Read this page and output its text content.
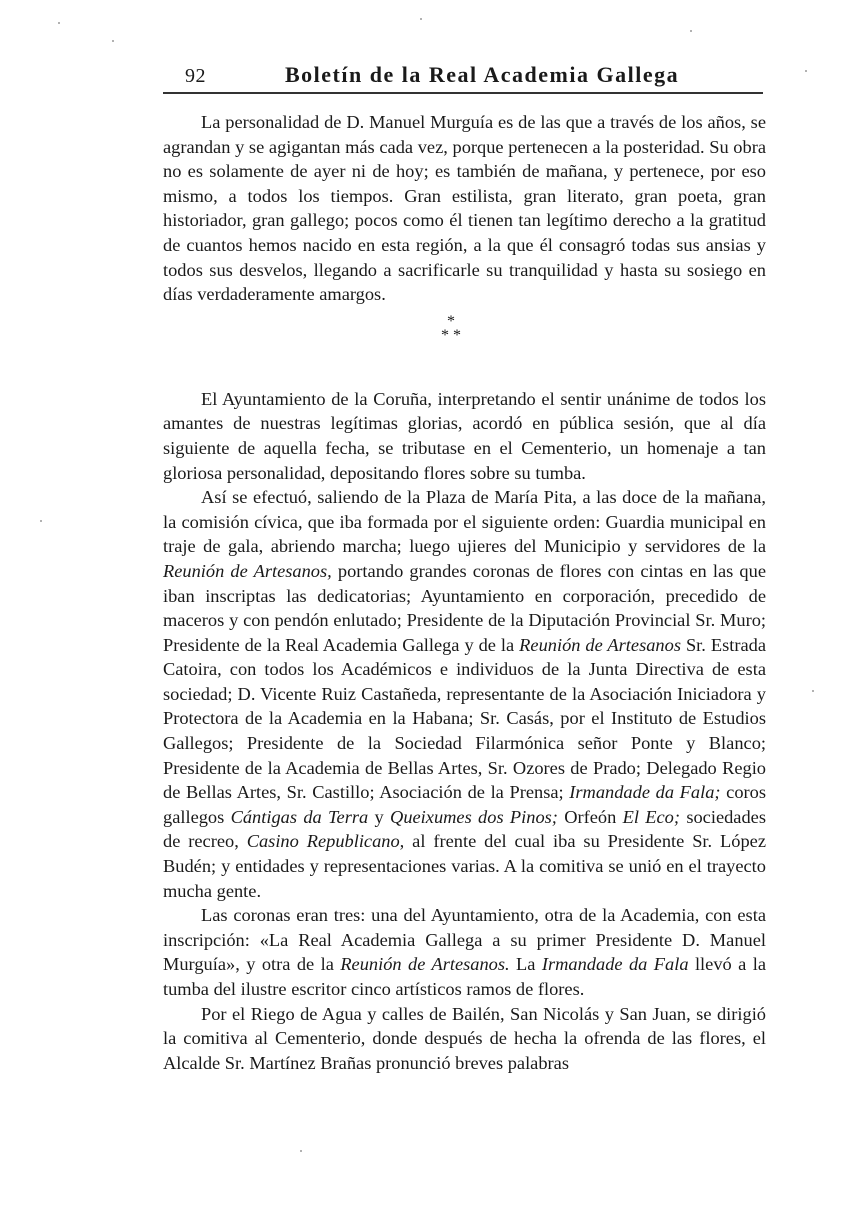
92	Boletín de la Real Academia Gallega

La personalidad de D. Manuel Murguía es de las que a través de los años, se agrandan y se agigantan más cada vez, porque pertenecen a la posteridad. Su obra no es solamente de ayer ni de hoy; es también de mañana, y pertenece, por eso mismo, a todos los tiempos. Gran estilista, gran literato, gran poeta, gran historiador, gran gallego; pocos como él tienen tan legítimo derecho a la gratitud de cuantos hemos nacido en esta región, a la que él consagró todas sus ansias y todos sus desvelos, llegando a sacrificarle su tranquilidad y hasta su sosiego en días verdaderamente amargos.

*
* *

El Ayuntamiento de la Coruña, interpretando el sentir unánime de todos los amantes de nuestras legítimas glorias, acordó en pública sesión, que al día siguiente de aquella fecha, se tributase en el Cementerio, un homenaje a tan gloriosa personalidad, depositando flores sobre su tumba.

Así se efectuó, saliendo de la Plaza de María Pita, a las doce de la mañana, la comisión cívica, que iba formada por el siguiente orden: Guardia municipal en traje de gala, abriendo marcha; luego ujieres del Municipio y servidores de la Reunión de Artesanos, portando grandes coronas de flores con cintas en las que iban inscriptas las dedicatorias; Ayuntamiento en corporación, precedido de maceros y con pendón enlutado; Presidente de la Diputación Provincial Sr. Muro; Presidente de la Real Academia Gallega y de la Reunión de Artesanos Sr. Estrada Catoira, con todos los Académicos e individuos de la Junta Directiva de esta sociedad; D. Vicente Ruiz Castañeda, representante de la Asociación Iniciadora y Protectora de la Academia en la Habana; Sr. Casás, por el Instituto de Estudios Gallegos; Presidente de la Sociedad Filarmónica señor Ponte y Blanco; Presidente de la Academia de Bellas Artes, Sr. Ozores de Prado; Delegado Regio de Bellas Artes, Sr. Castillo; Asociación de la Prensa; Irmandade da Fala; coros gallegos Cántigas da Terra y Queixumes dos Pinos; Orfeón El Eco; sociedades de recreo, Casino Republicano, al frente del cual iba su Presidente Sr. López Budén; y entidades y representaciones varias. A la comitiva se unió en el trayecto mucha gente.

Las coronas eran tres: una del Ayuntamiento, otra de la Academia, con esta inscripción: «La Real Academia Gallega a su primer Presidente D. Manuel Murguía», y otra de la Reunión de Artesanos. La Irmandade da Fala llevó a la tumba del ilustre escritor cinco artísticos ramos de flores.

Por el Riego de Agua y calles de Bailén, San Nicolás y San Juan, se dirigió la comitiva al Cementerio, donde después de hecha la ofrenda de las flores, el Alcalde Sr. Martínez Brañas pronunció breves palabras
